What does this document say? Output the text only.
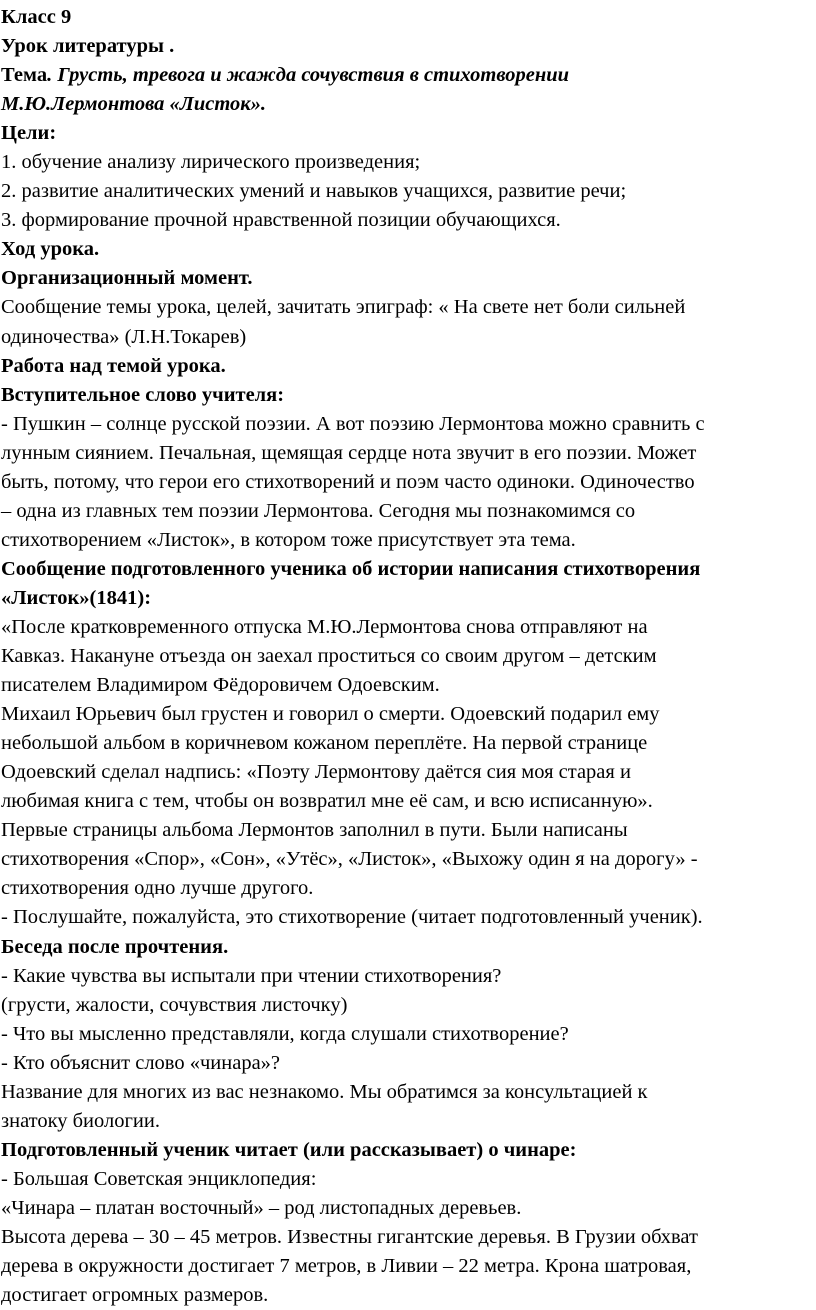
Класс 9

Урок литературы .

Тема. Грусть, тревога и жажда сочувствия в стихотворении

М.Ю.Лермонтова «Листок».

Цели:

1. обучение анализу лирического произведения;

2. развитие аналитических умений и навыков учащихся, развитие речи;

3. формирование прочной нравственной позиции обучающихся.

Ход урока.

Организационный момент.

Сообщение темы урока, целей, зачитать эпиграф: « На свете нет боли сильней

одиночества» (Л.Н.Токарев)

Работа над темой урока.

Вступительное слово учителя:

- Пушкин – солнце русской поэзии. А вот поэзию Лермонтова можно сравнить с

лунным сиянием. Печальная, щемящая сердце нота звучит в его поэзии. Может

быть, потому, что герои его стихотворений и поэм часто одиноки. Одиночество

– одна из главных тем поэзии Лермонтова. Сегодня мы познакомимся со

стихотворением «Листок», в котором тоже присутствует эта тема.

Сообщение подготовленного ученика об истории написания стихотворения

«Листок»(1841):

«После кратковременного отпуска М.Ю.Лермонтова снова отправляют на

Кавказ. Накануне отъезда он заехал проститься со своим другом – детским

писателем Владимиром Фёдоровичем Одоевским.

Михаил Юрьевич был грустен и говорил о смерти. Одоевский подарил ему

небольшой альбом в коричневом кожаном переплёте. На первой странице

Одоевский сделал надпись: «Поэту Лермонтову даётся сия моя старая и

любимая книга с тем, чтобы он возвратил мне её сам, и всю исписанную».

Первые страницы альбома Лермонтов заполнил в пути. Были написаны

стихотворения «Спор», «Сон», «Утёс», «Листок», «Выхожу один я на дорогу» -

стихотворения одно лучше другого.

- Послушайте, пожалуйста, это стихотворение (читает подготовленный ученик).

Беседа после прочтения.

- Какие чувства вы испытали при чтении стихотворения?

(грусти, жалости, сочувствия листочку)

- Что вы мысленно представляли, когда слушали стихотворение?

- Кто объяснит слово «чинара»?

Название для многих из вас незнакомо. Мы обратимся за консультацией к

знатоку биологии.

Подготовленный ученик читает (или рассказывает) о чинаре:

- Большая Советская энциклопедия:

«Чинара – платан восточный» – род листопадных деревьев.

Высота дерева – 30 – 45 метров. Известны гигантские деревья. В Грузии обхват

дерева в окружности достигает 7 метров, в Ливии – 22 метра. Крона шатровая,

достигает огромных размеров.
